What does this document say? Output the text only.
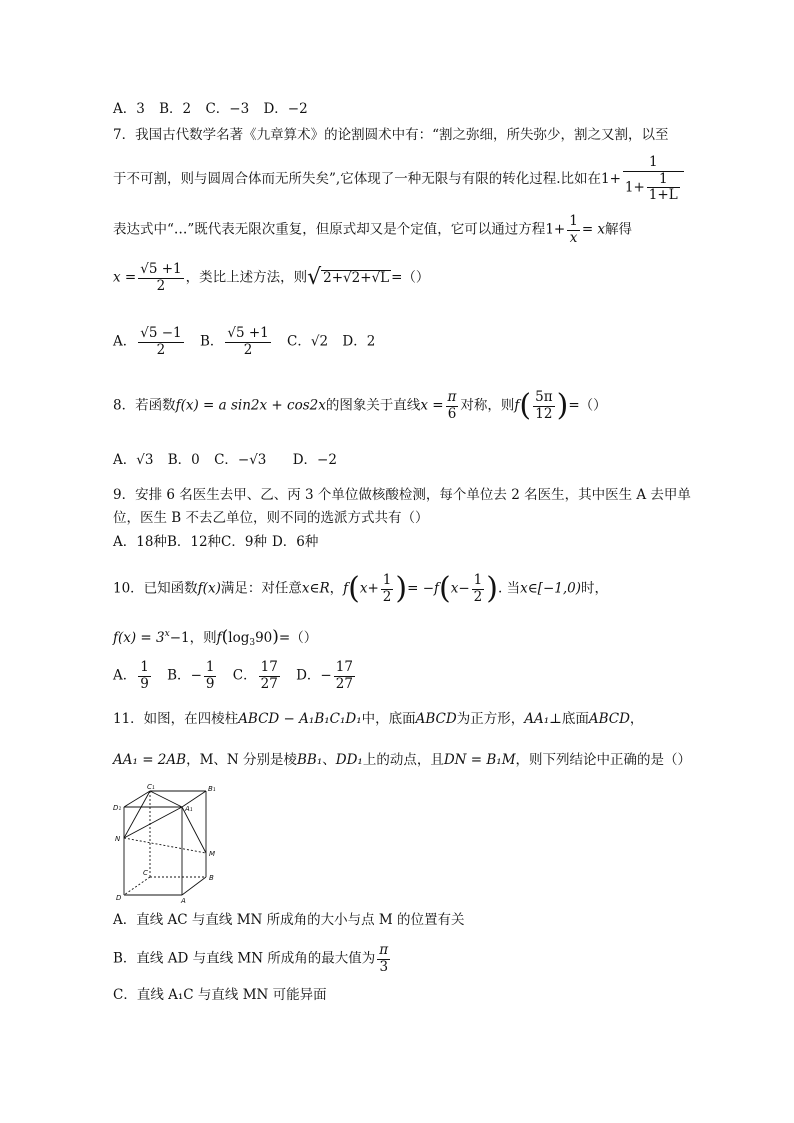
A．3 B．2 C．−3 D．−2
7．我国古代数学名著《九章算术》的论割圆术中有：“割之弥细，所失弥少，割之又割，以至
于不可割，则与圆周合体而无所失矣”,它体现了一种无限与有限的转化过程.比如在$1+ \frac{1}{1+ \frac{1}{1+L}}$
表达式中“…”既代表无限次重复，但原式却又是个定值，它可以通过方程$1+ \frac{1}{x} = x$解得
$x = \frac{√5 +1}{2}$ ，类比上述方法，则√ 2+√2+√L =（）
A． $\frac{√5 -1}{2}$ B． $\frac{√5 +1}{2}$ C．√2 D．2
8．若函数f(x) = a sin2x + cos2x的图象关于直线$x = \frac{\pi}{6}$ 对称，则$f( \frac{5\pi}{12}$ )=（）
A．√3 B．0 C．−√3 D．−2
9．安排 6 名医生去甲、乙、丙 3 个单位做核酸检测，每个单位去 2 名医生，其中医生 A 去甲单
位，医生 B 不去乙单位，则不同的选派方式共有（）
A．18种B．12种C．9种 D．6种
10．已知函数f(x)满足：对任意x∈R，$f(x+ \frac{1}{2}$ )= $-f(x- \frac{1}{2}$ ). 当x∈[−1,0)时，
$f(x) = 3^x-1$，则$f(\log_390)=()$
A． $\frac{1}{9}$ B．− $\frac{1}{9}$ C． $\frac{17}{27}$ D．− $\frac{17}{27}$
11．如图，在四棱柱ABCD − A₁B₁C₁D₁中，底面ABCD为正方形，AA₁⊥底面ABCD，
AA₁ = 2AB，M、N 分别是棱BB₁、DD₁上的动点，且DN = B₁M，则下列结论中正确的是（）
C₁	B₁
D₁	A₁
N
M
C
B
D	A
A．直线 AC 与直线 MN 所成角的大小与点 M 的位置有关
B．直线 AD 与直线 MN 所成角的最大值为 $\frac{\pi}{3}$
C．直线 A₁C 与直线 MN 可能异面
